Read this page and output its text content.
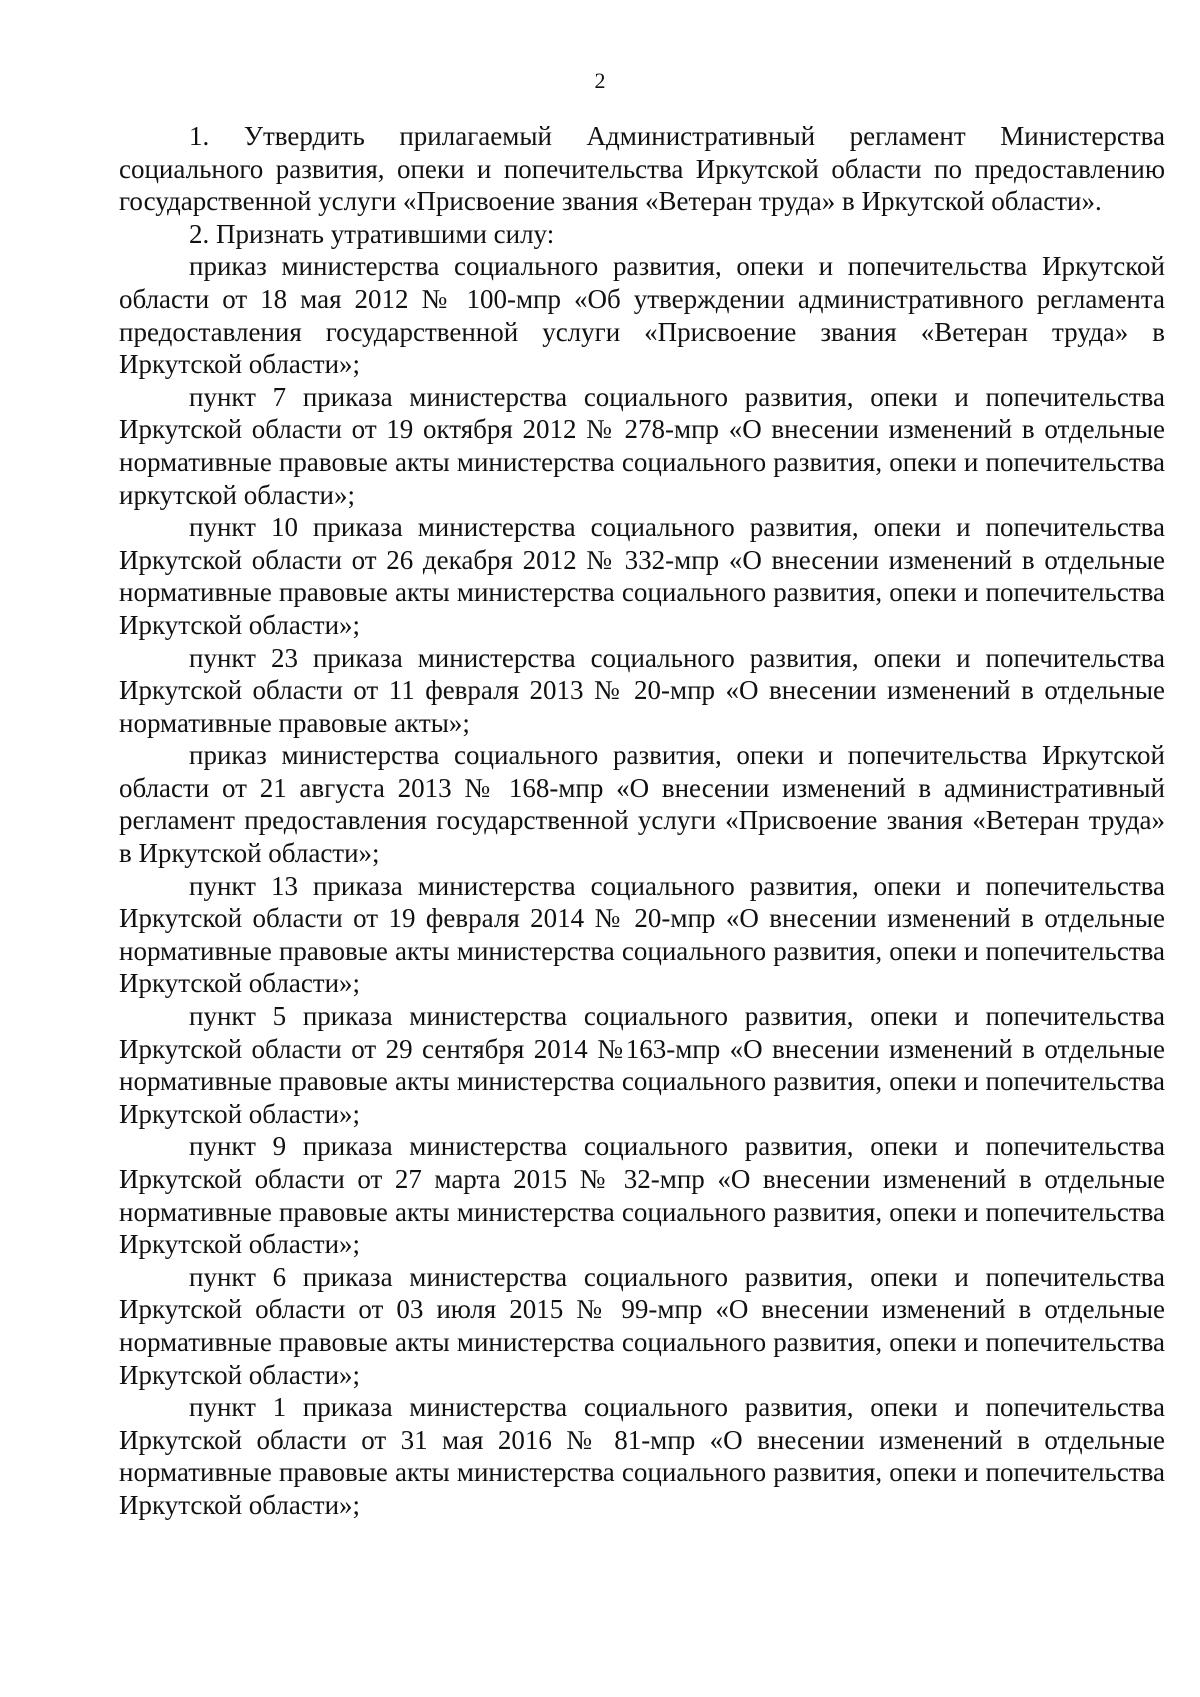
2

1. Утвердить прилагаемый Административный регламент Министерства социального развития, опеки и попечительства Иркутской области по предоставлению государственной услуги «Присвоение звания «Ветеран труда» в Иркутской области».

2. Признать утратившими силу:

приказ министерства социального развития, опеки и попечительства Иркутской области от 18 мая 2012 № 100-мпр «Об утверждении административного регламента предоставления государственной услуги «Присвоение звания «Ветеран труда» в Иркутской области»;

пункт 7 приказа министерства социального развития, опеки и попечительства Иркутской области от 19 октября 2012 № 278-мпр «О внесении изменений в отдельные нормативные правовые акты министерства социального развития, опеки и попечительства иркутской области»;

пункт 10 приказа министерства социального развития, опеки и попечительства Иркутской области от 26 декабря 2012 № 332-мпр «О внесении изменений в отдельные нормативные правовые акты министерства социального развития, опеки и попечительства Иркутской области»;

пункт 23 приказа министерства социального развития, опеки и попечительства Иркутской области от 11 февраля 2013 № 20-мпр «О внесении изменений в отдельные нормативные правовые акты»;

приказ министерства социального развития, опеки и попечительства Иркутской области от 21 августа 2013 № 168-мпр «О внесении изменений в административный регламент предоставления государственной услуги «Присвоение звания «Ветеран труда» в Иркутской области»;

пункт 13 приказа министерства социального развития, опеки и попечительства Иркутской области от 19 февраля 2014 № 20-мпр «О внесении изменений в отдельные нормативные правовые акты министерства социального развития, опеки и попечительства Иркутской области»;

пункт 5 приказа министерства социального развития, опеки и попечительства Иркутской области от 29 сентября 2014 №163-мпр «О внесении изменений в отдельные нормативные правовые акты министерства социального развития, опеки и попечительства Иркутской области»;

пункт 9 приказа министерства социального развития, опеки и попечительства Иркутской области от 27 марта 2015 № 32-мпр «О внесении изменений в отдельные нормативные правовые акты министерства социального развития, опеки и попечительства Иркутской области»;

пункт 6 приказа министерства социального развития, опеки и попечительства Иркутской области от 03 июля 2015 № 99-мпр «О внесении изменений в отдельные нормативные правовые акты министерства социального развития, опеки и попечительства Иркутской области»;

пункт 1 приказа министерства социального развития, опеки и попечительства Иркутской области от 31 мая 2016 № 81-мпр «О внесении изменений в отдельные нормативные правовые акты министерства социального развития, опеки и попечительства Иркутской области»;
